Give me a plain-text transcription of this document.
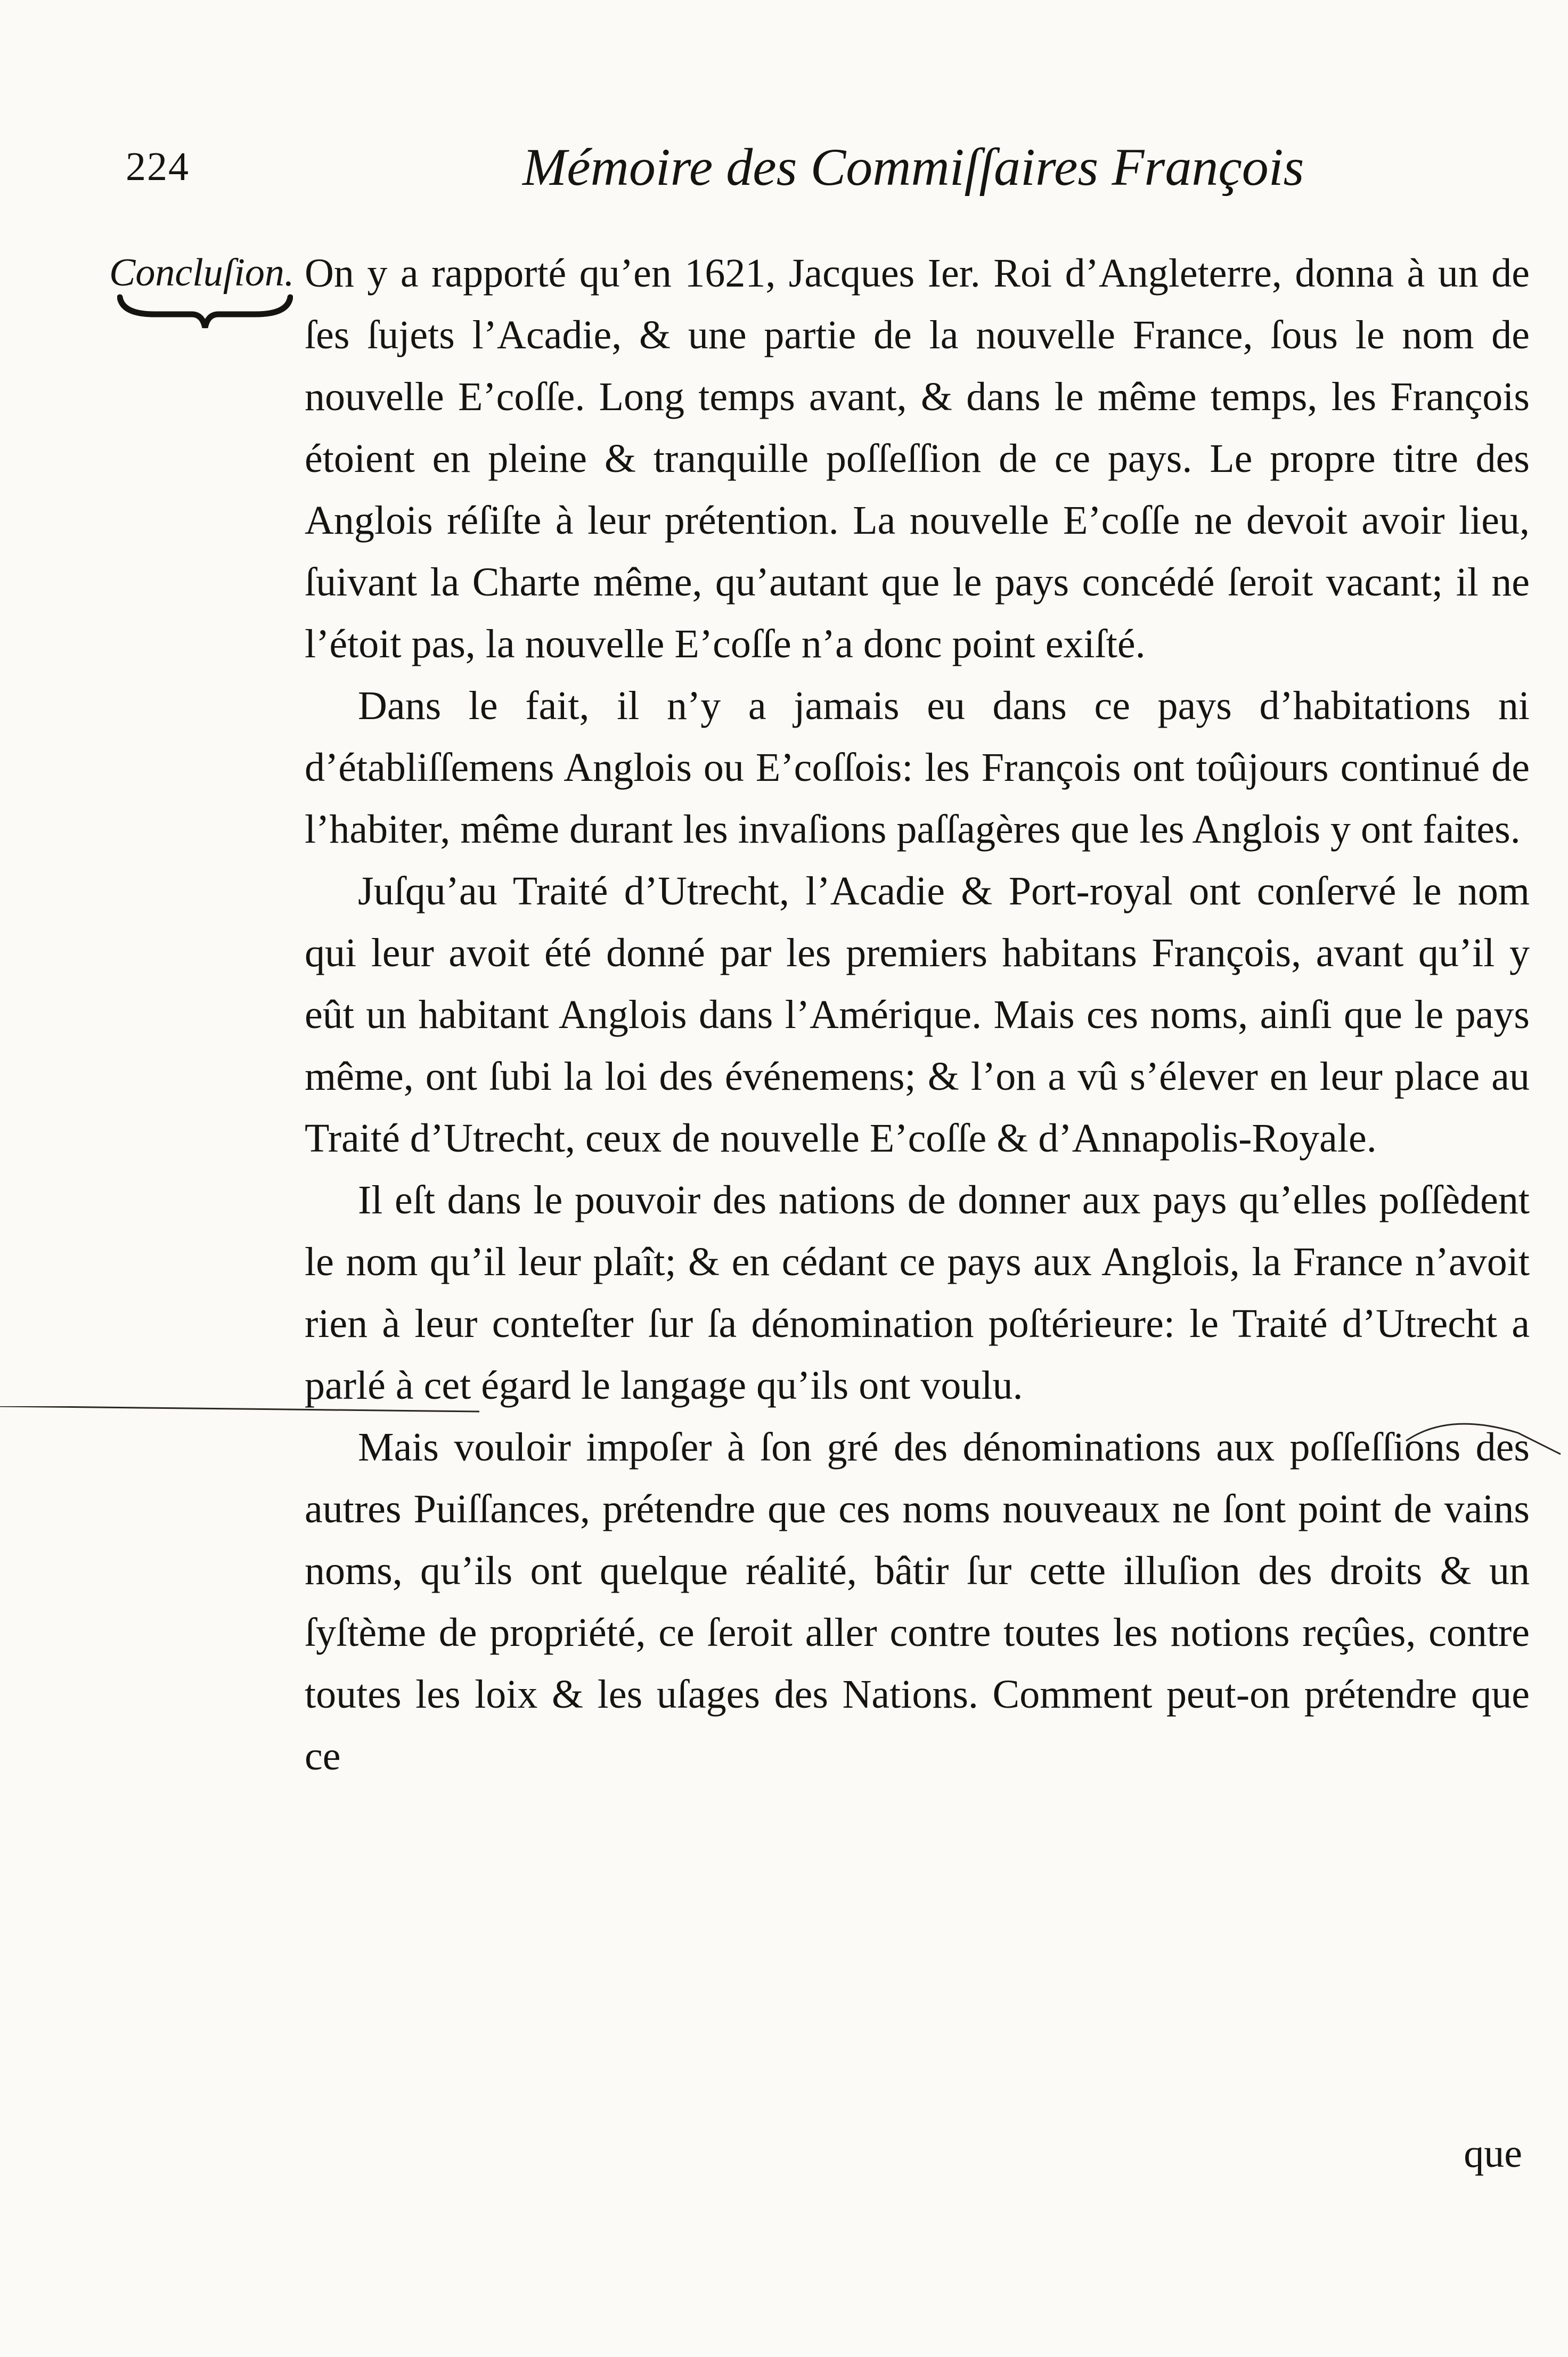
224	Mémoire des Commiſſaires François
Concluſion. On y a rapporté qu’en 1621, Jacques Ier. Roi d’Angleterre, donna à un de ſes ſujets l’Acadie, & une partie de la nouvelle France, ſous le nom de nouvelle E’coſſe. Long temps avant, & dans le même temps, les François étoient en pleine & tranquille poſſeſſion de ce pays. Le propre titre des Anglois réſiſte à leur prétention. La nouvelle E’coſſe ne devoit avoir lieu, ſuivant la Charte même, qu’autant que le pays concédé ſeroit vacant; il ne l’étoit pas, la nouvelle E’coſſe n’a donc point exiſté.

Dans le fait, il n’y a jamais eu dans ce pays d’habitations ni d’établiſſemens Anglois ou E’coſſois: les François ont toûjours continué de l’habiter, même durant les invaſions paſſagères que les Anglois y ont faites.

Juſqu’au Traité d’Utrecht, l’Acadie & Port-royal ont conſervé le nom qui leur avoit été donné par les premiers habitans François, avant qu’il y eût un habitant Anglois dans l’Amérique. Mais ces noms, ainſi que le pays même, ont ſubi la loi des événemens; & l’on a vû s’élever en leur place au Traité d’Utrecht, ceux de nouvelle E’coſſe & d’Annapolis-Royale.

Il eſt dans le pouvoir des nations de donner aux pays qu’elles poſſèdent le nom qu’il leur plaît; & en cédant ce pays aux Anglois, la France n’avoit rien à leur conteſter ſur ſa dénomination poſtérieure: le Traité d’Utrecht a parlé à cet égard le langage qu’ils ont voulu.

Mais vouloir impoſer à ſon gré des dénominations aux poſſeſſions des autres Puiſſances, prétendre que ces noms nouveaux ne ſont point de vains noms, qu’ils ont quelque réalité, bâtir ſur cette illuſion des droits & un ſyſtème de propriété, ce ſeroit aller contre toutes les notions reçûes, contre toutes les loix & les uſages des Nations. Comment peut-on prétendre que ce

que
